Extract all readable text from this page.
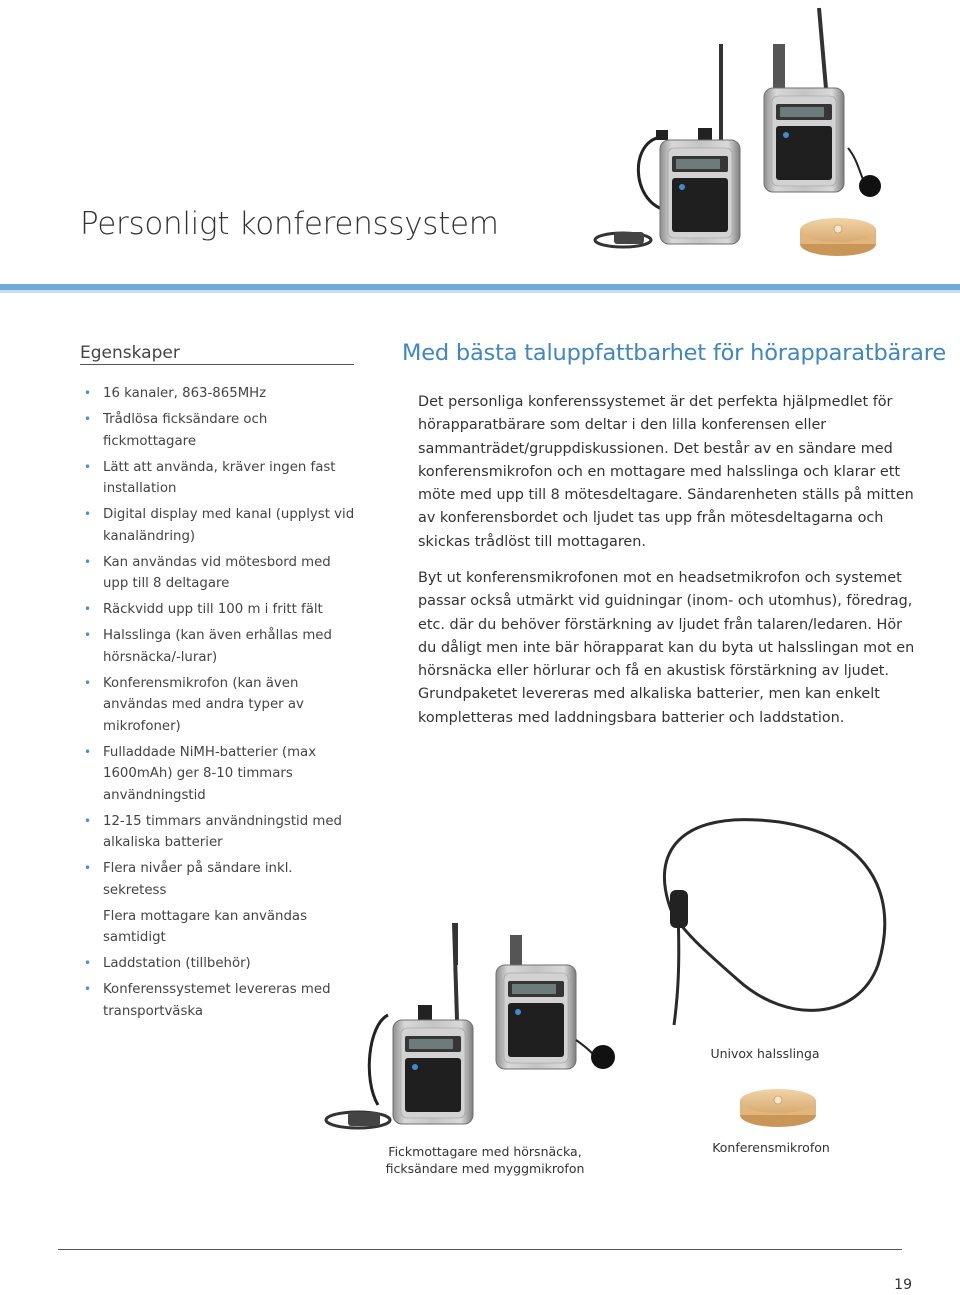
Personligt konferenssystem
Egenskaper
• 16 kanaler, 863-865MHz
• Trådlösa ficksändare och fickmottagare
• Lätt att använda, kräver ingen fast installation
• Digital display med kanal (upplyst vid kanaländring)
• Kan användas vid mötesbord med upp till 8 deltagare
• Räckvidd upp till 100 m i fritt fält
• Halsslinga (kan även erhållas med hörsnäcka/-lurar)
• Konferensmikrofon (kan även användas med andra typer av mikrofoner)
• Fulladdade NiMH-batterier (max 1600mAh) ger 8-10 timmars användningstid
• 12-15 timmars användningstid med alkaliska batterier
• Flera nivåer på sändare inkl. sekretess
Flera mottagare kan användas samtidigt
• Laddstation (tillbehör)
• Konferenssystemet levereras med transportväska
Med bästa taluppfattbarhet för hörapparatbärare

Det personliga konferenssystemet är det perfekta hjälpmedlet för hörapparatbärare som deltar i den lilla konferensen eller sammanträdet/gruppdiskussionen. Det består av en sändare med konferensmikrofon och en mottagare med halsslinga och klarar ett möte med upp till 8 mötesdeltagare. Sändarenheten ställs på mitten av konferensbordet och ljudet tas upp från mötesdeltagarna och skickas trådlöst till mottagaren.

Byt ut konferensmikrofonen mot en headsetmikrofon och systemet passar också utmärkt vid guidningar (inom- och utomhus), föredrag, etc. där du behöver förstärkning av ljudet från talaren/ledaren. Hör du dåligt men inte bär hörapparat kan du byta ut halsslingan mot en hörsnäcka eller hörlurar och få en akustisk förstärkning av ljudet. Grundpaketet levereras med alkaliska batterier, men kan enkelt kompletteras med laddningsbara batterier och laddstation.

Univox halsslinga

Fickmottagare med hörsnäcka,
ficksändare med myggmikrofon

Konferensmikrofon

19
